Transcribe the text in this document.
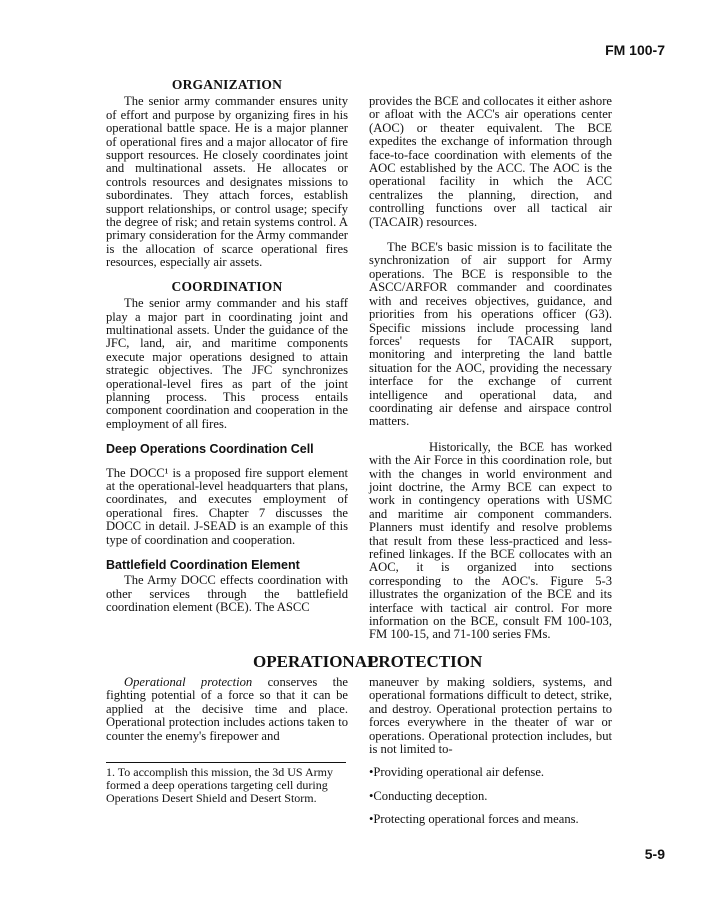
FM 100-7
ORGANIZATION

The senior army commander ensures unity of effort and purpose by organizing fires in his operational battle space. He is a major planner of operational fires and a major allocator of fire support resources. He closely coordinates joint and multinational assets. He allocates or controls resources and designates missions to subordinates. They attach forces, establish support relationships, or control usage; specify the degree of risk; and retain systems control. A primary consideration for the Army commander is the allocation of scarce operational fires resources, especially air assets.

COORDINATION

The senior army commander and his staff play a major part in coordinating joint and multinational assets. Under the guidance of the JFC, land, air, and maritime components execute major operations designed to attain strategic objectives. The JFC synchronizes operational-level fires as part of the joint planning process. This process entails component coordination and cooperation in the employment of all fires.

Deep Operations Coordination Cell

The DOCC¹ is a proposed fire support element at the operational-level headquarters that plans, coordinates, and executes employment of operational fires. Chapter 7 discusses the DOCC in detail. J-SEAD is an example of this type of coordination and cooperation.

Battlefield Coordination Element

The Army DOCC effects coordination with other services through the battlefield coordination element (BCE). The ASCC

provides the BCE and collocates it either ashore or afloat with the ACC's air operations center (AOC) or theater equivalent. The BCE expedites the exchange of information through face-to-face coordination with elements of the AOC established by the ACC. The AOC is the operational facility in which the ACC centralizes the planning, direction, and controlling functions over all tactical air (TACAIR) resources.

The BCE's basic mission is to facilitate the synchronization of air support for Army operations. The BCE is responsible to the ASCC/ARFOR commander and coordinates with and receives objectives, guidance, and priorities from his operations officer (G3). Specific missions include processing land forces' requests for TACAIR support, monitoring and interpreting the land battle situation for the AOC, providing the necessary interface for the exchange of current intelligence and operational data, and coordinating air defense and airspace control matters.

Historically, the BCE has worked with the Air Force in this coordination role, but with the changes in world environment and joint doctrine, the Army BCE can expect to work in contingency operations with USMC and maritime air component commanders. Planners must identify and resolve problems that result from these less-practiced and less-refined linkages. If the BCE collocates with an AOC, it is organized into sections corresponding to the AOC's. Figure 5-3 illustrates the organization of the BCE and its interface with tactical air control. For more information on the BCE, consult FM 100-103, FM 100-15, and 71-100 series FMs.

OPERATIONAL
PROTECTION

Operational protection conserves the fighting potential of a force so that it can be applied at the decisive time and place. Operational protection includes actions taken to counter the enemy's firepower and

maneuver by making soldiers, systems, and operational formations difficult to detect, strike, and destroy. Operational protection pertains to forces everywhere in the theater of war or operations. Operational protection includes, but is not limited to-

•Providing operational air defense.
•Conducting deception.
•Protecting operational forces and means.
1. To accomplish this mission, the 3d US Army formed a deep operations targeting cell during Operations Desert Shield and Desert Storm.
5-9
